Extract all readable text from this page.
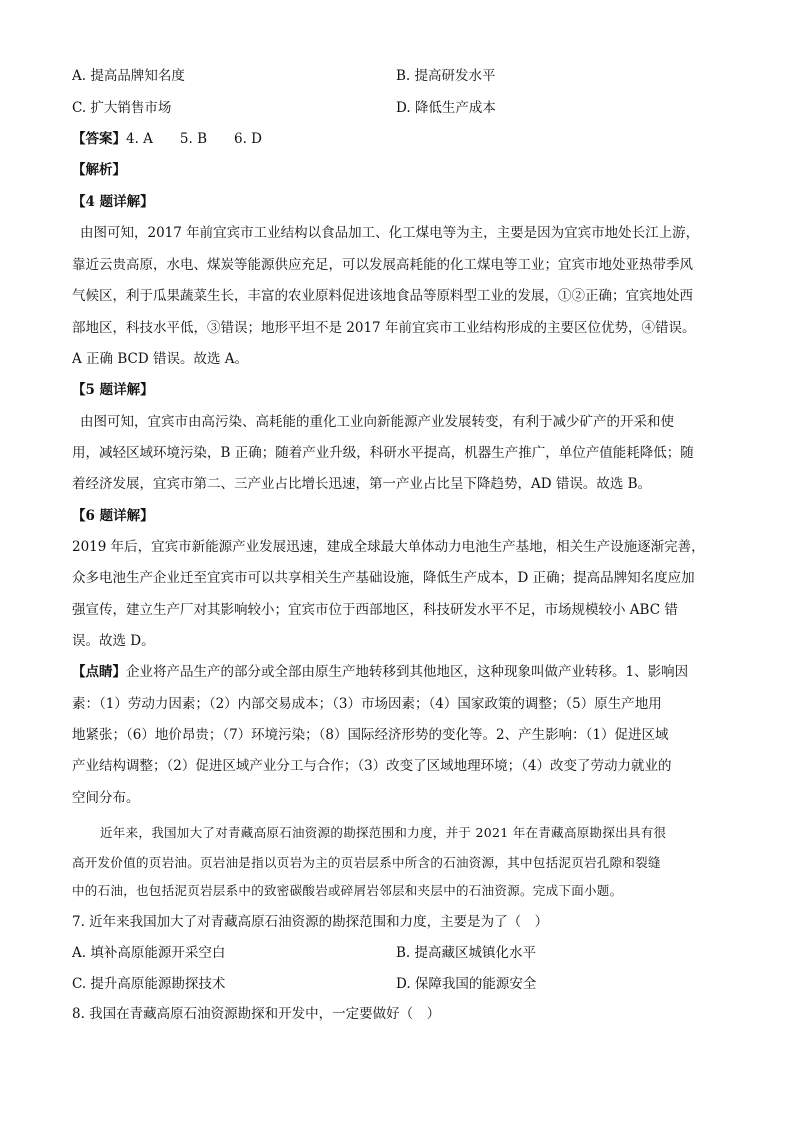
A. 提高品牌知名度	B. 提高研发水平
C. 扩大销售市场	D. 降低生产成本
【答案】4. A　　5. B　　6. D
【解析】
【4 题详解】
由图可知，2017 年前宜宾市工业结构以食品加工、化工煤电等为主，主要是因为宜宾市地处长江上游，
靠近云贵高原，水电、煤炭等能源供应充足，可以发展高耗能的化工煤电等工业；宜宾市地处亚热带季风
气候区，利于瓜果蔬菜生长，丰富的农业原料促进该地食品等原料型工业的发展，①②正确；宜宾地处西
部地区，科技水平低，③错误；地形平坦不是 2017 年前宜宾市工业结构形成的主要区位优势，④错误。
A 正确 BCD 错误。故选 A。
【5 题详解】
由图可知，宜宾市由高污染、高耗能的重化工业向新能源产业发展转变，有利于减少矿产的开采和使
用，减轻区域环境污染，B 正确；随着产业升级，科研水平提高，机器生产推广，单位产值能耗降低；随
着经济发展，宜宾市第二、三产业占比增长迅速，第一产业占比呈下降趋势，AD 错误。故选 B。
【6 题详解】
2019 年后，宜宾市新能源产业发展迅速，建成全球最大单体动力电池生产基地，相关生产设施逐渐完善，
众多电池生产企业迁至宜宾市可以共享相关生产基础设施，降低生产成本，D 正确；提高品牌知名度应加
强宣传，建立生产厂对其影响较小；宜宾市位于西部地区，科技研发水平不足，市场规模较小 ABC 错
误。故选 D。
【点睛】企业将产品生产的部分或全部由原生产地转移到其他地区，这种现象叫做产业转移。1、影响因
素：（1）劳动力因素；（2）内部交易成本；（3）市场因素；（4）国家政策的调整；（5）原生产地用
地紧张；（6）地价昂贵；（7）环境污染；（8）国际经济形势的变化等。2、产生影响：（1）促进区域
产业结构调整；（2）促进区域产业分工与合作；（3）改变了区域地理环境；（4）改变了劳动力就业的
空间分布。
近年来，我国加大了对青藏高原石油资源的勘探范围和力度，并于 2021 年在青藏高原勘探出具有很
高开发价值的页岩油。页岩油是指以页岩为主的页岩层系中所含的石油资源，其中包括泥页岩孔隙和裂缝
中的石油，也包括泥页岩层系中的致密碳酸岩或碎屑岩邻层和夹层中的石油资源。完成下面小题。
7. 近年来我国加大了对青藏高原石油资源的勘探范围和力度，主要是为了（　）
A. 填补高原能源开采空白	B. 提高藏区城镇化水平
C. 提升高原能源勘探技术	D. 保障我国的能源安全
8. 我国在青藏高原石油资源勘探和开发中，一定要做好（　）
